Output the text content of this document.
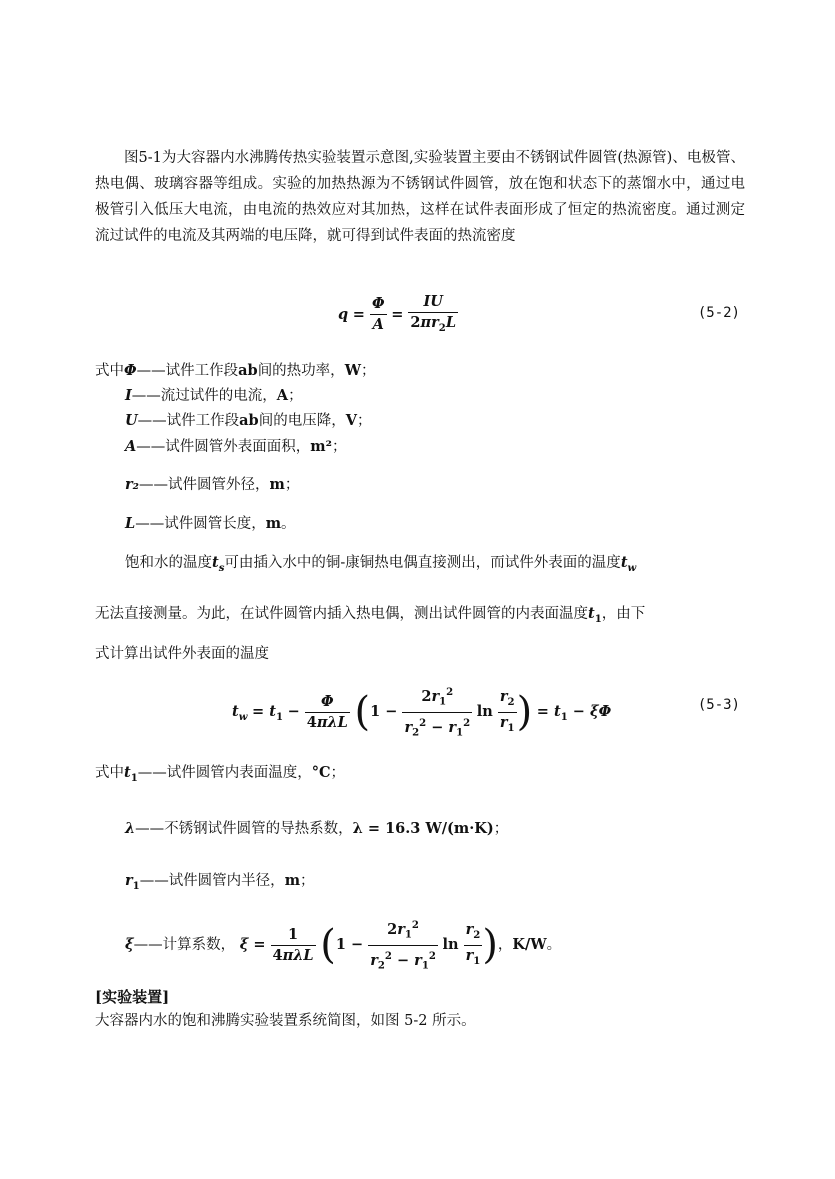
图5-1为大容器内水沸腾传热实验装置示意图,实验装置主要由不锈钢试件圆管(热源管)、电极管、热电偶、玻璃容器等组成。实验的加热热源为不锈钢试件圆管，放在饱和状态下的蒸馏水中，通过电极管引入低压大电流，由电流的热效应对其加热，这样在试件表面形成了恒定的热流密度。通过测定流过试件的电流及其两端的电压降，就可得到试件表面的热流密度

$q = \frac{\Phi}{A} = \frac{IU}{2\pi r_2L}$	(5-2)
式中Φ——试件工作段ab间的热功率，W；
I——流过试件的电流，A；
U——试件工作段ab间的电压降，V；
A——试件圆管外表面面积，m²；
r₂——试件圆管外径，m；
L——试件圆管长度，m。
饱和水的温度$t_s$可由插入水中的铜-康铜热电偶直接测出，而试件外表面的温度$t_w$
无法直接测量。为此，在试件圆管内插入热电偶，测出试件圆管的内表面温度$t_1$，由下
式计算出试件外表面的温度
$t_w = t_1 - \frac{\Phi}{\text{4πλL}} (1 - \frac{2r_1^2}{r_2^2 - r_1^2}$ $\ln \frac{r_2}{r_1}$ ) = $t_1 - \xi\Phi$	(5-3)
式中$t_1——$试件圆管内表面温度，°C；
λ——不锈钢试件圆管的导热系数，λ = 16.3 W/(m·K)；
$r_1——$试件圆管内半径，m；
ξ——计算系数， $\xi = \frac{1}{\text{4πλL}} (1 - \frac{2r_1^2}{r_2^2 - r_1^2}$ $\ln \frac{r_2}{r_1}$ )，K/W。
[实验装置]
大容器内水的饱和沸腾实验装置系统简图，如图 5-2 所示。
